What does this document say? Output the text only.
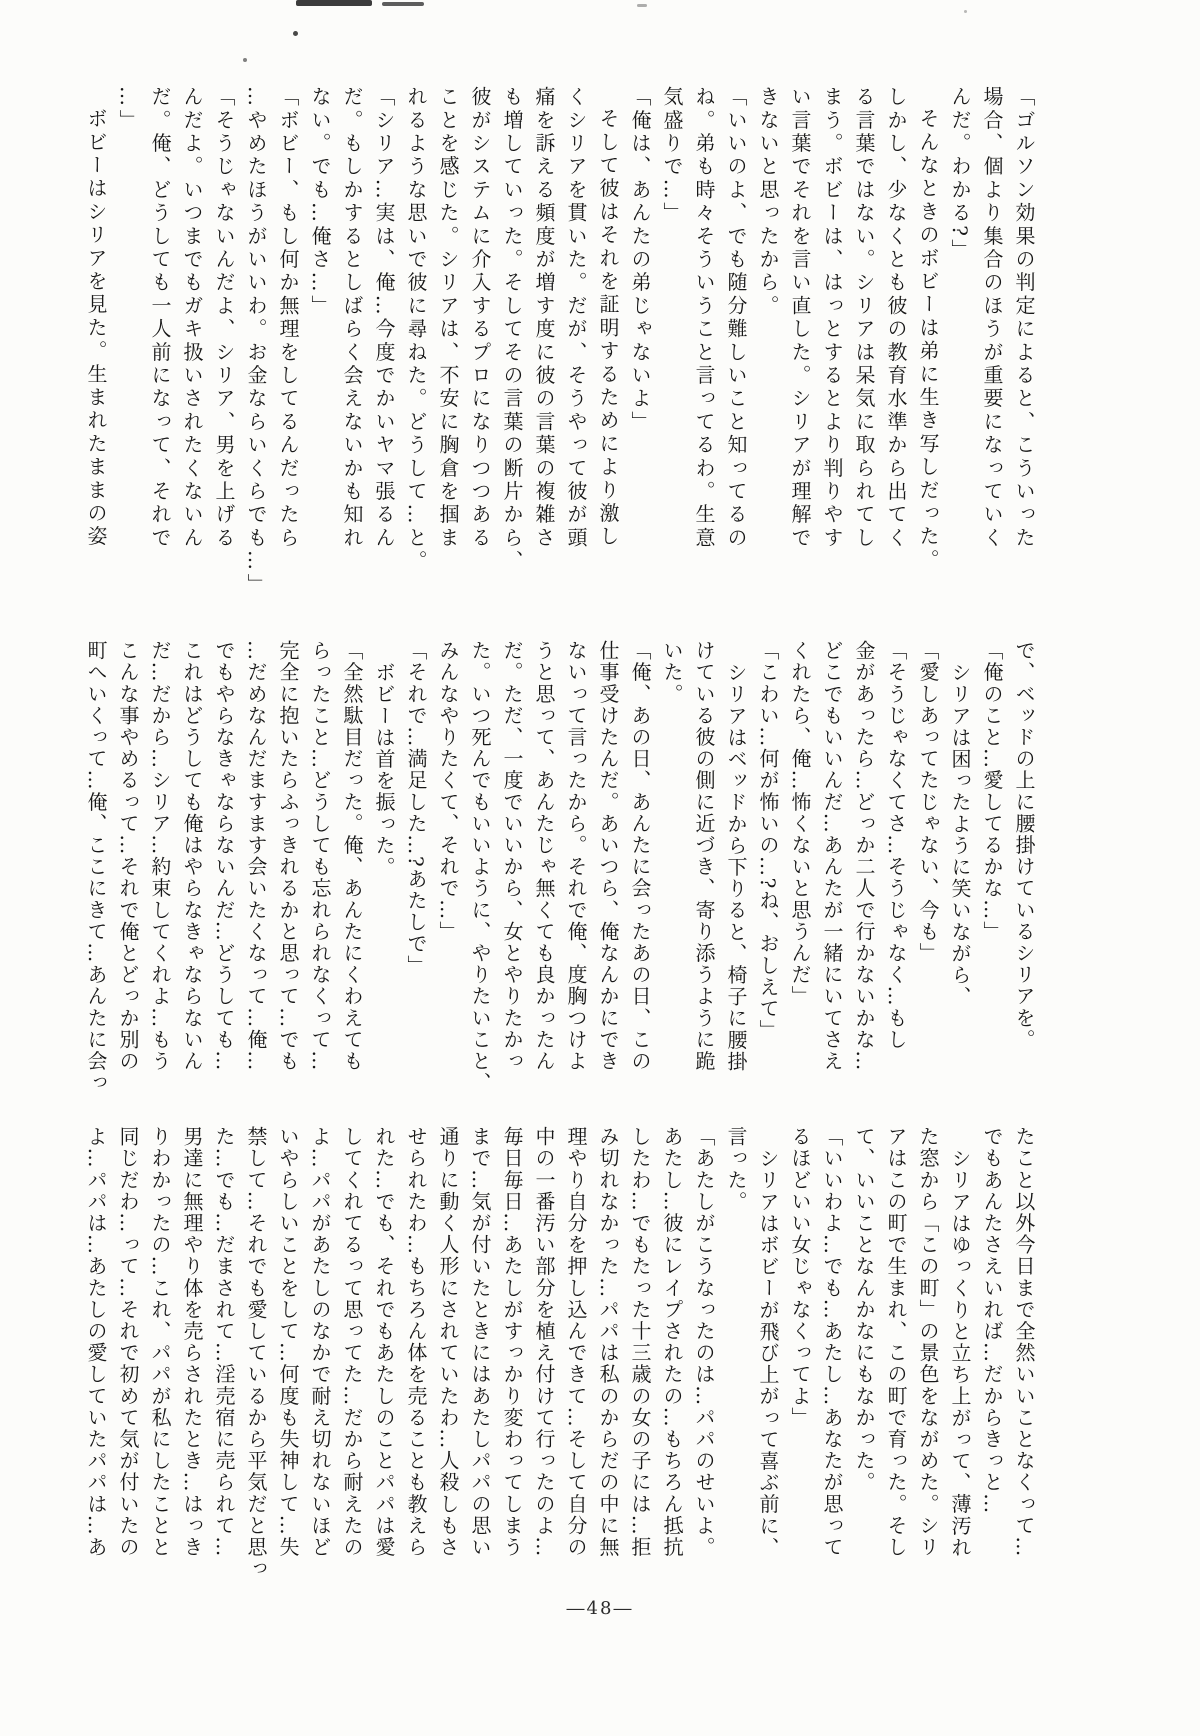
「ゴルソン効果の判定によると、こういった
場合、個より集合のほうが重要になっていく
んだ。わかる?」
そんなときのボビーは弟に生き写しだった。
しかし、少なくとも彼の教育水準から出てく
る言葉ではない。シリアは呆気に取られてし
まう。ボビーは、はっとするとより判りやす
い言葉でそれを言い直した。シリアが理解で
きないと思ったから。
「いいのよ、でも随分難しいこと知ってるの
ね。弟も時々そういうこと言ってるわ。生意
気盛りで…」
「俺は、あんたの弟じゃないよ」
そして彼はそれを証明するためにより激し
くシリアを貫いた。だが、そうやって彼が頭
痛を訴える頻度が増す度に彼の言葉の複雑さ
も増していった。そしてその言葉の断片から、
彼がシステムに介入するプロになりつつある
ことを感じた。シリアは、不安に胸倉を掴ま
れるような思いで彼に尋ねた。どうして…と。
「シリア…実は、俺…今度でかいヤマ張るん
だ。もしかするとしばらく会えないかも知れ
ない。でも…俺さ…」
「ボビー、もし何か無理をしてるんだったら
…やめたほうがいいわ。お金ならいくらでも…」
「そうじゃないんだよ、シリア、男を上げる
んだよ。いつまでもガキ扱いされたくないん
だ。俺、どうしても一人前になって、それで
…」
ボビーはシリアを見た。生まれたままの姿
で、ベッドの上に腰掛けているシリアを。
「俺のこと…愛してるかな…」
シリアは困ったように笑いながら、
「愛しあってたじゃない、今も」
「そうじゃなくてさ…そうじゃなく…もし
金があったら…どっか二人で行かないかな…
どこでもいいんだ…あんたが一緒にいてさえ
くれたら、俺…怖くないと思うんだ」
「こわい…何が怖いの…?ね、おしえて」
シリアはベッドから下りると、椅子に腰掛
けている彼の側に近づき、寄り添うように跪
いた。
「俺、あの日、あんたに会ったあの日、この
仕事受けたんだ。あいつら、俺なんかにでき
ないって言ったから。それで俺、度胸つけよ
うと思って、あんたじゃ無くても良かったん
だ。ただ、一度でいいから、女とやりたかっ
た。いつ死んでもいいように、やりたいこと、
みんなやりたくて、それで…」
「それで…満足した…?あたしで」
ボビーは首を振った。
「全然駄目だった。俺、あんたにくわえても
らったこと…どうしても忘れられなくって…
完全に抱いたらふっきれるかと思って…でも
…だめなんだますます会いたくなって…俺…
でもやらなきゃならないんだ…どうしても…
これはどうしても俺はやらなきゃならないん
だ…だから…シリア…約束してくれよ…もう
こんな事やめるって…それで俺とどっか別の
町へいくって…俺、ここにきて…あんたに会っ
たこと以外今日まで全然いいことなくって…
でもあんたさえいれば…だからきっと…
シリアはゆっくりと立ち上がって、薄汚れ
た窓から「この町」の景色をながめた。シリ
アはこの町で生まれ、この町で育った。そし
て、いいことなんかなにもなかった。
「いいわよ…でも…あたし…あなたが思って
るほどいい女じゃなくってよ」
シリアはボビーが飛び上がって喜ぶ前に、
言った。
「あたしがこうなったのは…パパのせいよ。
あたし…彼にレイプされたの…もちろん抵抗
したわ…でもたった十三歳の女の子には…拒
み切れなかった…パパは私のからだの中に無
理やり自分を押し込んできて…そして自分の
中の一番汚い部分を植え付けて行ったのよ…
毎日毎日…あたしがすっかり変わってしまう
まで…気が付いたときにはあたしパパの思い
通りに動く人形にされていたわ…人殺しもさ
せられたわ…もちろん体を売ることも教えら
れた…でも、それでもあたしのことパパは愛
してくれてるって思ってた…だから耐えたの
よ…パパがあたしのなかで耐え切れないほど
いやらしいことをして…何度も失神して…失
禁して…それでも愛しているから平気だと思っ
た…でも…だまされて…淫売宿に売られて…
男達に無理やり体を売らされたとき…はっき
りわかったの…これ、パパが私にしたことと
同じだわ…って…それで初めて気が付いたの
よ…パパは…あたしの愛していたパパは…あ
―48―
